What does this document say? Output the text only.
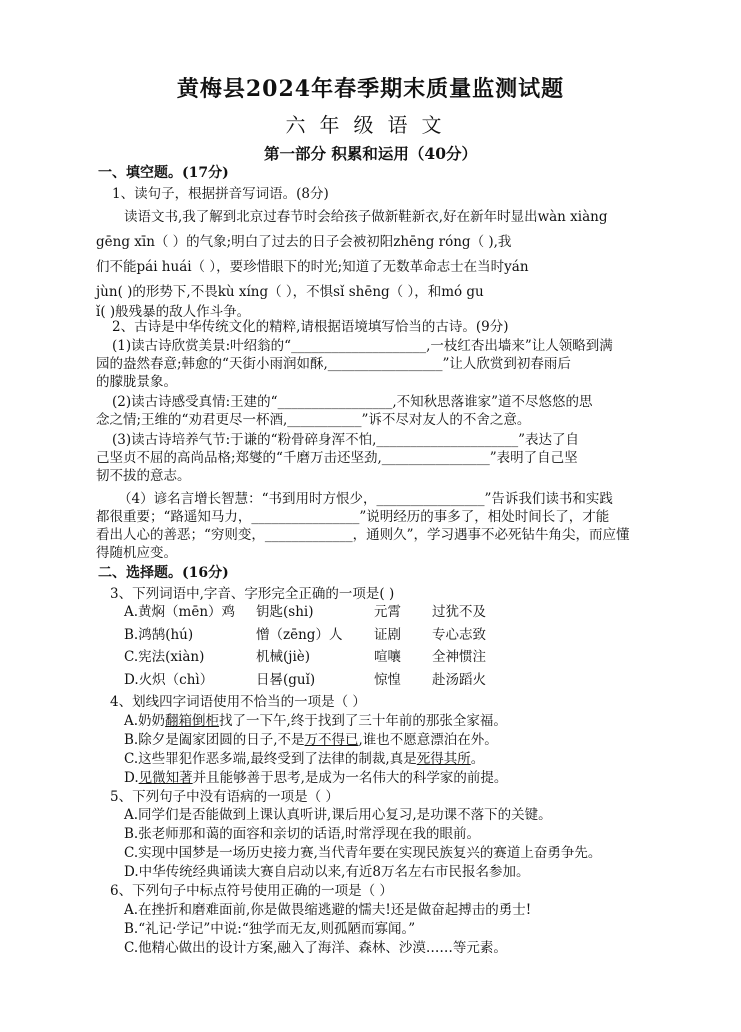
黄梅县2024年春季期末质量监测试题
六年级语文
第一部分 积累和运用（40分）
一、填空题。(17分)
1、读句子，根据拼音写词语。(8分)
读语文书,我了解到北京过春节时会给孩子做新鞋新衣,好在新年时显出wàn xiàng
gēng xīn（ ）的气象;明白了过去的日子会被初阳zhēng róng（ ),我
们不能pái huái（ ），要珍惜眼下的时光;知道了无数革命志士在当时yán
jùn( )的形势下,不畏kù xíng（ ），不惧sǐ shēng（ ），和mó gu
ǐ( )般残暴的敌人作斗争。
2、古诗是中华传统文化的精粹,请根据语境填写恰当的古诗。(9分)
(1)读古诗欣赏美景:叶绍翁的“____________________,一枝红杏出墙来”让人领略到满
园的盎然春意;韩愈的“天街小雨润如酥,_________________”让人欣赏到初春雨后
的朦胧景象。
(2)读古诗感受真情:王建的“_________________,不知秋思落谁家”道不尽悠悠的思
念之情;王维的“劝君更尽一杯酒,___________”诉不尽对友人的不舍之意。
(3)读古诗培养气节:于谦的“粉骨碎身浑不怕,_____________________”表达了自
己坚贞不屈的高尚品格;郑燮的“千磨万击还坚劲,________________”表明了自己坚
韧不拔的意志。
（4）谚名言增长智慧：“书到用时方恨少，________________”告诉我们读书和实践
都很重要；“路遥知马力，________________”说明经历的事多了，相处时间长了，才能
看出人心的善恶；“穷则变，_____________，通则久”，学习遇事不必死钻牛角尖，而应懂
得随机应变。
二、选择题。(16分)
3、下列词语中,字音、字形完全正确的一项是( )
A.黄焖（mēn）鸡 钥匙(shi)	元霄 过犹不及
B.鸿鹄(hú)	憎（zēng）人 证剧 专心志致
C.宪法(xiàn)	机械(jiè)	喧嚷 全神惯注
D.火炽（chì）	日晷(guǐ)	惊惶 赴汤蹈火
4、划线四字词语使用不恰当的一项是（ ）
A.奶奶翻箱倒柜找了一下午,终于找到了三十年前的那张全家福。
B.除夕是阖家团圆的日子,不是万不得已,谁也不愿意漂泊在外。
C.这些罪犯作恶多端,最终受到了法律的制裁,真是死得其所。
D.见微知著并且能够善于思考,是成为一名伟大的科学家的前提。
5、下列句子中没有语病的一项是（ ）
A.同学们是否能做到上课认真听讲,课后用心复习,是功课不落下的关键。
B.张老师那和蔼的面容和亲切的话语,时常浮现在我的眼前。
C.实现中国梦是一场历史接力赛,当代青年要在实现民族复兴的赛道上奋勇争先。
D.中华传统经典诵读大赛自启动以来,有近8万名左右市民报名参加。
6、下列句子中标点符号使用正确的一项是（ ）
A.在挫折和磨难面前,你是做畏缩逃避的懦夫!还是做奋起搏击的勇士!
B.“礼记·学记”中说:“独学而无友,则孤陋而寡闻。”
C.他精心做出的设计方案,融入了海洋、森林、沙漠……等元素。
